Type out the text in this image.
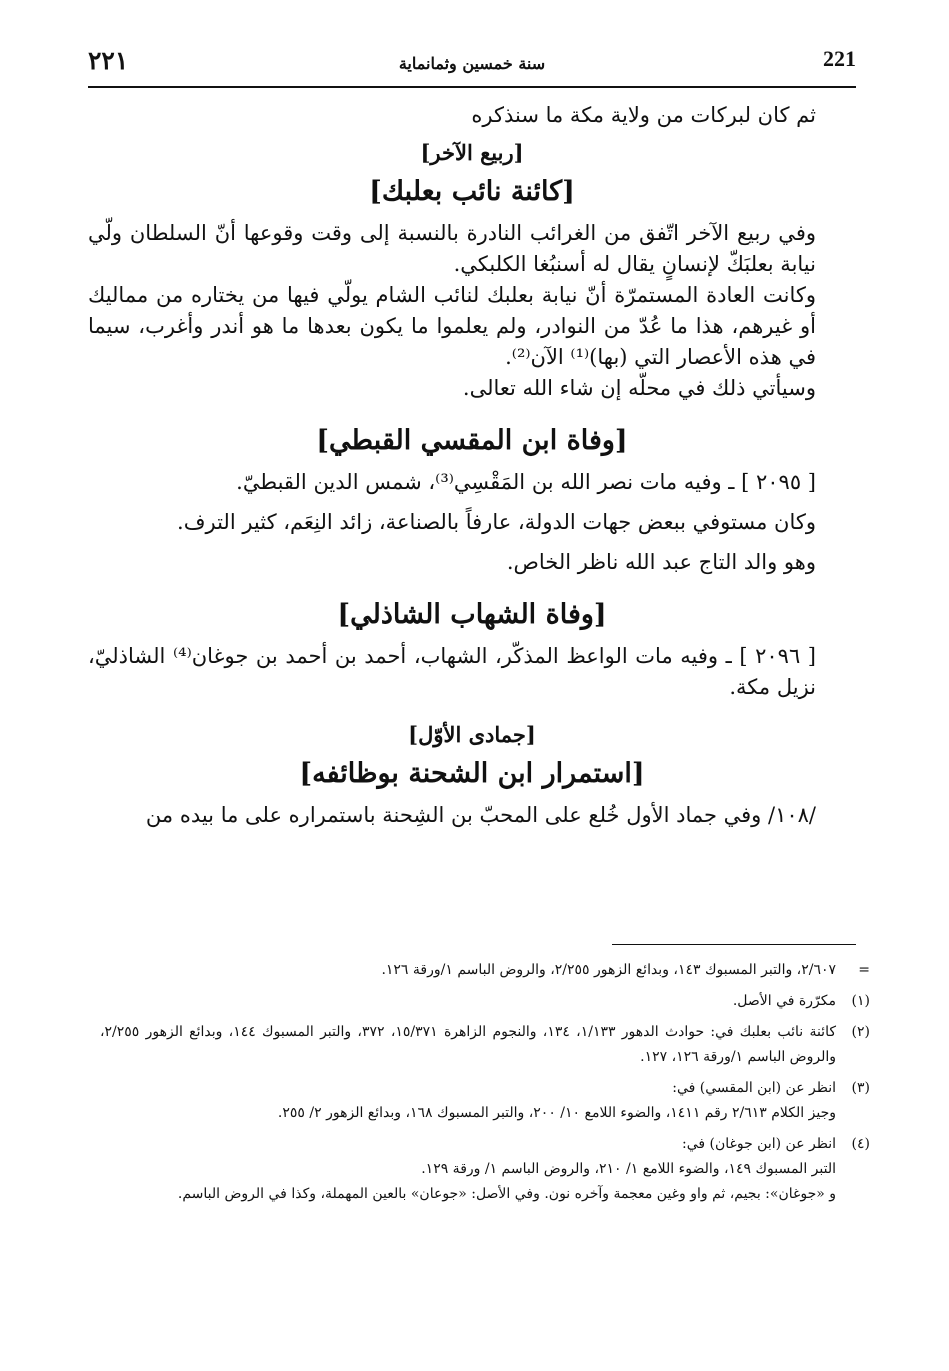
٢٢١	سنة خمسين وثمانماية	221
ثم كان لبركات من ولاية مكة ما سنذكره
[ربيع الآخر]
[كائنة نائب بعلبك]

وفي ربيع الآخر اتّفق من الغرائب النادرة بالنسبة إلى وقت وقوعها أنّ السلطان ولّي نيابة بعلبَكّ لإنسانٍ يقال له أسنبُغا الكلبكي.

وكانت العادة المستمرّة أنّ نيابة بعلبك لنائب الشام يولّي فيها من يختاره من مماليك أو غيرهم، هذا ما عُدّ من النوادر، ولم يعلموا ما يكون بعدها ما هو أندر وأغرب، سيما في هذه الأعصار التي (بها)⁽¹⁾ الآن⁽²⁾.

وسيأتي ذلك في محلّه إن شاء الله تعالى.
[وفاة ابن المقسي القبطي]
[ ٢٠٩٥ ] ـ وفيه مات نصر الله بن المَقْسِي⁽³⁾، شمس الدين القبطيّ.
وكان مستوفي ببعض جهات الدولة، عارفاً بالصناعة، زائد النِعَم، كثير الترف.
وهو والد التاج عبد الله ناظر الخاص.
[وفاة الشهاب الشاذلي]

[ ٢٠٩٦ ] ـ وفيه مات الواعظ المذكّر، الشهاب، أحمد بن أحمد بن جوغان⁽⁴⁾ الشاذليّ، نزيل مكة.

[جمادى الأوّل]
[استمرار ابن الشحنة بوظائفه]
/١٠٨/ وفي جماد الأول خُلع على المحبّ بن الشِحنة باستمراره على ما بيده من
=
٢/٦٠٧، والتبر المسبوك ١٤٣، وبدائع الزهور ٢/٢٥٥، والروض الباسم ١/ورقة ١٢٦.
(١)
مكرّرة في الأصل.
(٢)
كائنة نائب بعلبك في: حوادث الدهور ١/١٣٣، ١٣٤، والنجوم الزاهرة ١٥/٣٧١، ٣٧٢، والتبر المسبوك ١٤٤، وبدائع الزهور ٢/٢٥٥، والروض الباسم ١/ورقة ١٢٦، ١٢٧.
(٣)
انظر عن (ابن المقسي) في:
وجيز الكلام ٢/٦١٣ رقم ١٤١١، والضوء اللامع ١٠/ ٢٠٠، والتبر المسبوك ١٦٨، وبدائع الزهور ٢/ ٢٥٥.
(٤)
انظر عن (ابن جوغان) في:
التبر المسبوك ١٤٩، والضوء اللامع ١/ ٢١٠، والروض الباسم ١/ ورقة ١٢٩.
و «جوغان»: بجيم، ثم واو وغين معجمة وآخره نون. وفي الأصل: «جوعان» بالعين المهملة، وكذا في الروض الباسم.
